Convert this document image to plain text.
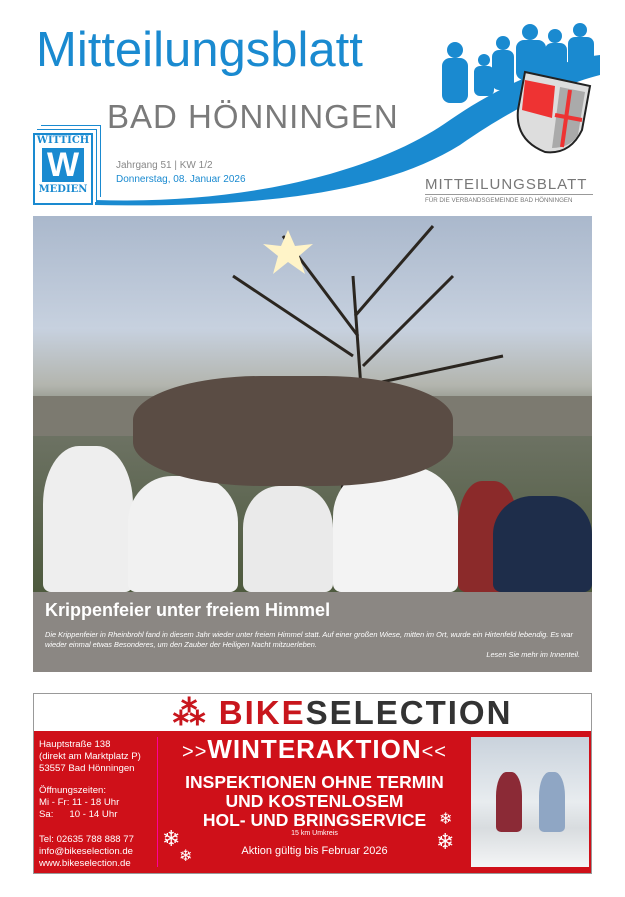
Mitteilungsblatt
BAD HÖNNINGEN
WITTICH
W
MEDIEN
Jahrgang 51 | KW 1/2
Donnerstag, 08. Januar 2026	MITTEILUNGSBLATT
FÜR DIE VERBANDSGEMEINDE BAD HÖNNINGEN
Krippenfeier unter freiem Himmel

Die Krippenfeier in Rheinbrohl fand in diesem Jahr wieder unter freiem Himmel statt. Auf einer großen Wiese, mitten im Ort, wurde ein Hirtenfeld lebendig. Es war wieder einmal etwas Besonderes, um den Zauber der Heiligen Nacht mitzuerleben.

Lesen Sie mehr im Innenteil.
⁂ BIKESELECTION
Hauptstraße 138
(direkt am Marktplatz P)
53557 Bad Hönningen
Öffnungszeiten:
Mi - Fr: 11 - 18 Uhr
Sa:      10 - 14 Uhr
Tel: 02635 788 888 77
info@bikeselection.de
www.bikeselection.de
>>WINTERAKTION<<
INSPEKTIONEN OHNE TERMIN
UND KOSTENLOSEM
HOL- UND BRINGSERVICE
15 km Umkreis
Aktion gültig bis Februar 2026
❄
❄
❄
❄
